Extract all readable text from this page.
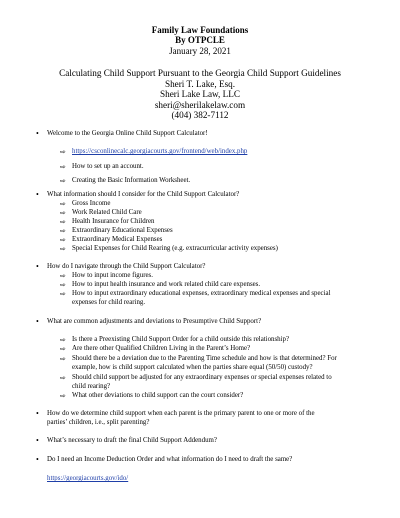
Family Law Foundations
By OTPCLE
January 28, 2021
Calculating Child Support Pursuant to the Georgia Child Support Guidelines
Sheri T. Lake, Esq.
Sheri Lake Law, LLC
sheri@sherilakelaw.com
(404) 382-7112
• Welcome to the Georgia Online Child Support Calculator!
⇨ https://csconlinecalc.georgiacourts.gov/frontend/web/index.php
⇨ How to set up an account.
⇨ Creating the Basic Information Worksheet.
• What information should I consider for the Child Support Calculator?
⇨ Gross Income
⇨ Work Related Child Care
⇨ Health Insurance for Children
⇨ Extraordinary Educational Expenses
⇨ Extraordinary Medical Expenses
⇨ Special Expenses for Child Rearing (e.g. extracurricular activity expenses)
• How do I navigate through the Child Support Calculator?
⇨ How to input income figures.
⇨ How to input health insurance and work related child care expenses.
⇨ How to input extraordinary educational expenses, extraordinary medical expenses and special
expenses for child rearing.
• What are common adjustments and deviations to Presumptive Child Support?
⇨ Is there a Preexisting Child Support Order for a child outside this relationship?
⇨ Are there other Qualified Children Living in the Parent’s Home?
⇨ Should there be a deviation due to the Parenting Time schedule and how is that determined? For
example, how is child support calculated when the parties share equal (50/50) custody?
⇨ Should child support be adjusted for any extraordinary expenses or special expenses related to
child rearing?
⇨ What other deviations to child support can the court consider?
• How do we determine child support when each parent is the primary parent to one or more of the
parties’ children, i.e., split parenting?
• What’s necessary to draft the final Child Support Addendum?
• Do I need an Income Deduction Order and what information do I need to draft the same?
https://georgiacourts.gov/ido/
